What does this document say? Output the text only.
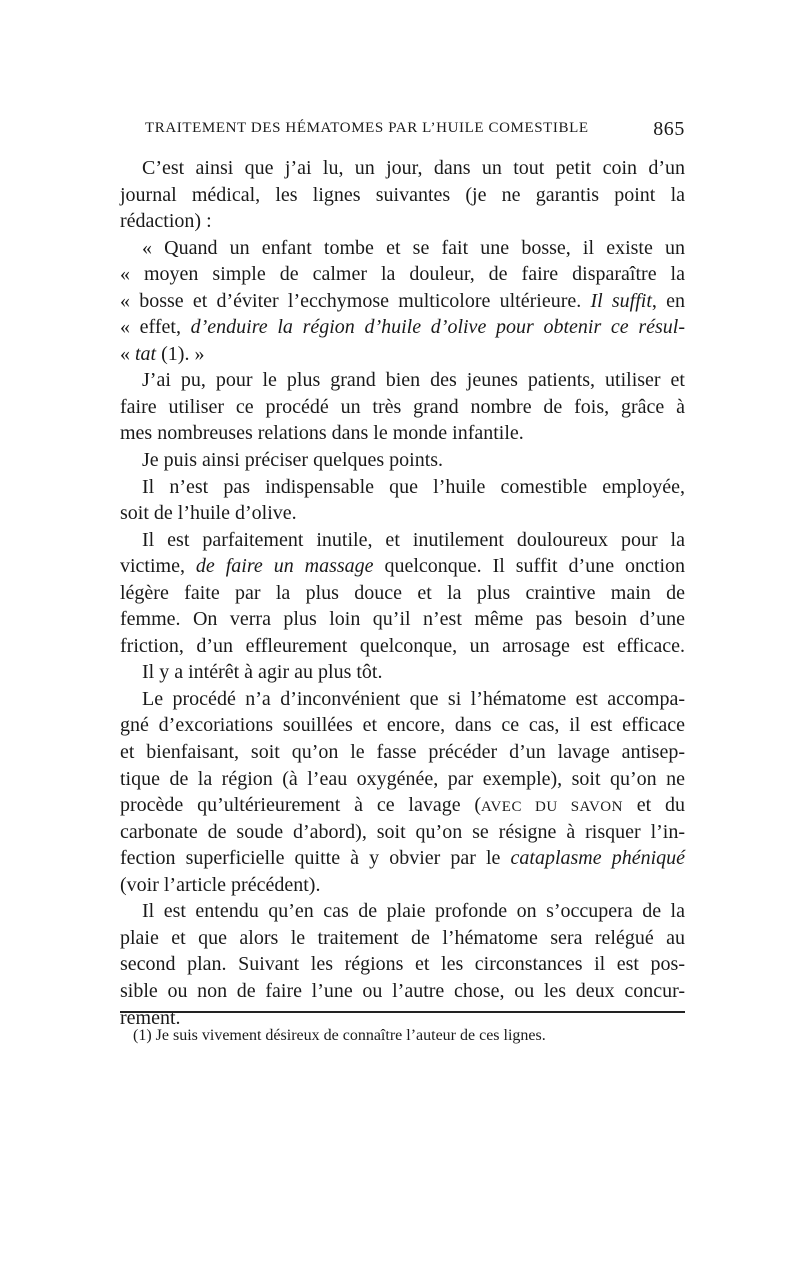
TRAITEMENT DES HÉMATOMES PAR L’HUILE COMESTIBLE	865
C’est ainsi que j’ai lu, un jour, dans un tout petit coin d’un
journal médical, les lignes suivantes (je ne garantis point la
rédaction) :
« Quand un enfant tombe et se fait une bosse, il existe un
« moyen simple de calmer la douleur, de faire disparaître la
« bosse et d’éviter l’ecchymose multicolore ultérieure. Il suffit, en
« effet, d’enduire la région d’huile d’olive pour obtenir ce résul-
« tat (1). »
J’ai pu, pour le plus grand bien des jeunes patients, utiliser et
faire utiliser ce procédé un très grand nombre de fois, grâce à
mes nombreuses relations dans le monde infantile.
Je puis ainsi préciser quelques points.
Il n’est pas indispensable que l’huile comestible employée,
soit de l’huile d’olive.
Il est parfaitement inutile, et inutilement douloureux pour la
victime, de faire un massage quelconque. Il suffit d’une onction
légère faite par la plus douce et la plus craintive main de
femme. On verra plus loin qu’il n’est même pas besoin d’une
friction, d’un effleurement quelconque, un arrosage est efficace.
Il y a intérêt à agir au plus tôt.
Le procédé n’a d’inconvénient que si l’hématome est accompa-
gné d’excoriations souillées et encore, dans ce cas, il est efficace
et bienfaisant, soit qu’on le fasse précéder d’un lavage antisep-
tique de la région (à l’eau oxygénée, par exemple), soit qu’on ne
procède qu’ultérieurement à ce lavage (AVEC DU SAVON et du
carbonate de soude d’abord), soit qu’on se résigne à risquer l’in-
fection superficielle quitte à y obvier par le cataplasme phéniqué
(voir l’article précédent).
Il est entendu qu’en cas de plaie profonde on s’occupera de la
plaie et que alors le traitement de l’hématome sera relégué au
second plan. Suivant les régions et les circonstances il est pos-
sible ou non de faire l’une ou l’autre chose, ou les deux concur-
rement.
(1) Je suis vivement désireux de connaître l’auteur de ces lignes.
